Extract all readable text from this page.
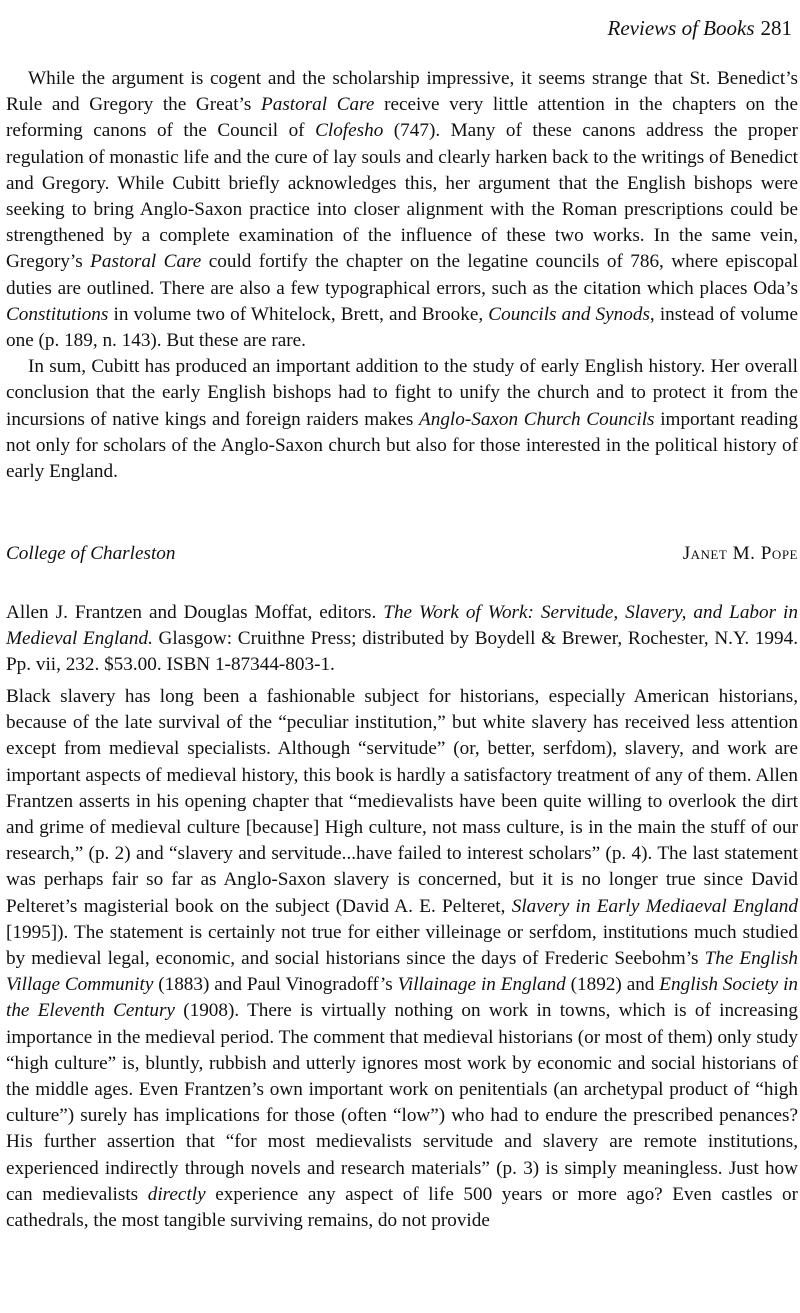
Reviews of Books 281

While the argument is cogent and the scholarship impressive, it seems strange that St. Benedict’s Rule and Gregory the Great’s Pastoral Care receive very little attention in the chapters on the reforming canons of the Council of Clofesho (747). Many of these canons address the proper regulation of monastic life and the cure of lay souls and clearly harken back to the writings of Benedict and Gregory. While Cubitt briefly acknowledges this, her argument that the English bishops were seeking to bring Anglo-Saxon practice into closer alignment with the Roman prescriptions could be strengthened by a complete examination of the influence of these two works. In the same vein, Gregory’s Pastoral Care could fortify the chapter on the legatine councils of 786, where episcopal duties are outlined. There are also a few typographical errors, such as the citation which places Oda’s Constitutions in volume two of Whitelock, Brett, and Brooke, Councils and Synods, instead of volume one (p. 189, n. 143). But these are rare.

In sum, Cubitt has produced an important addition to the study of early English history. Her overall conclusion that the early English bishops had to fight to unify the church and to protect it from the incursions of native kings and foreign raiders makes Anglo-Saxon Church Councils important reading not only for scholars of the Anglo-Saxon church but also for those interested in the political history of early England.

College of Charleston	Janet M. Pope
Allen J. Frantzen and Douglas Moffat, editors. The Work of Work: Servitude, Slavery, and Labor in Medieval England. Glasgow: Cruithne Press; distributed by Boydell & Brewer, Rochester, N.Y. 1994. Pp. vii, 232. $53.00. ISBN 1-87344-803-1.

Black slavery has long been a fashionable subject for historians, especially American historians, because of the late survival of the “peculiar institution,” but white slavery has received less attention except from medieval specialists. Although “servitude” (or, better, serfdom), slavery, and work are important aspects of medieval history, this book is hardly a satisfactory treatment of any of them. Allen Frantzen asserts in his opening chapter that “medievalists have been quite willing to overlook the dirt and grime of medieval culture [because] High culture, not mass culture, is in the main the stuff of our research,” (p. 2) and “slavery and servitude...have failed to interest scholars” (p. 4). The last statement was perhaps fair so far as Anglo-Saxon slavery is concerned, but it is no longer true since David Pelteret’s magisterial book on the subject (David A. E. Pelteret, Slavery in Early Mediaeval England [1995]). The statement is certainly not true for either villeinage or serfdom, institutions much studied by medieval legal, economic, and social historians since the days of Frederic Seebohm’s The English Village Community (1883) and Paul Vinogradoff’s Villainage in England (1892) and English Society in the Eleventh Century (1908). There is virtually nothing on work in towns, which is of increasing importance in the medieval period. The comment that medieval historians (or most of them) only study “high culture” is, bluntly, rubbish and utterly ignores most work by economic and social historians of the middle ages. Even Frantzen’s own important work on penitentials (an archetypal product of “high culture”) surely has implications for those (often “low”) who had to endure the prescribed penances? His further assertion that “for most medievalists servitude and slavery are remote institutions, experienced indirectly through novels and research materials” (p. 3) is simply meaningless. Just how can medievalists directly experience any aspect of life 500 years or more ago? Even castles or cathedrals, the most tangible surviving remains, do not provide
